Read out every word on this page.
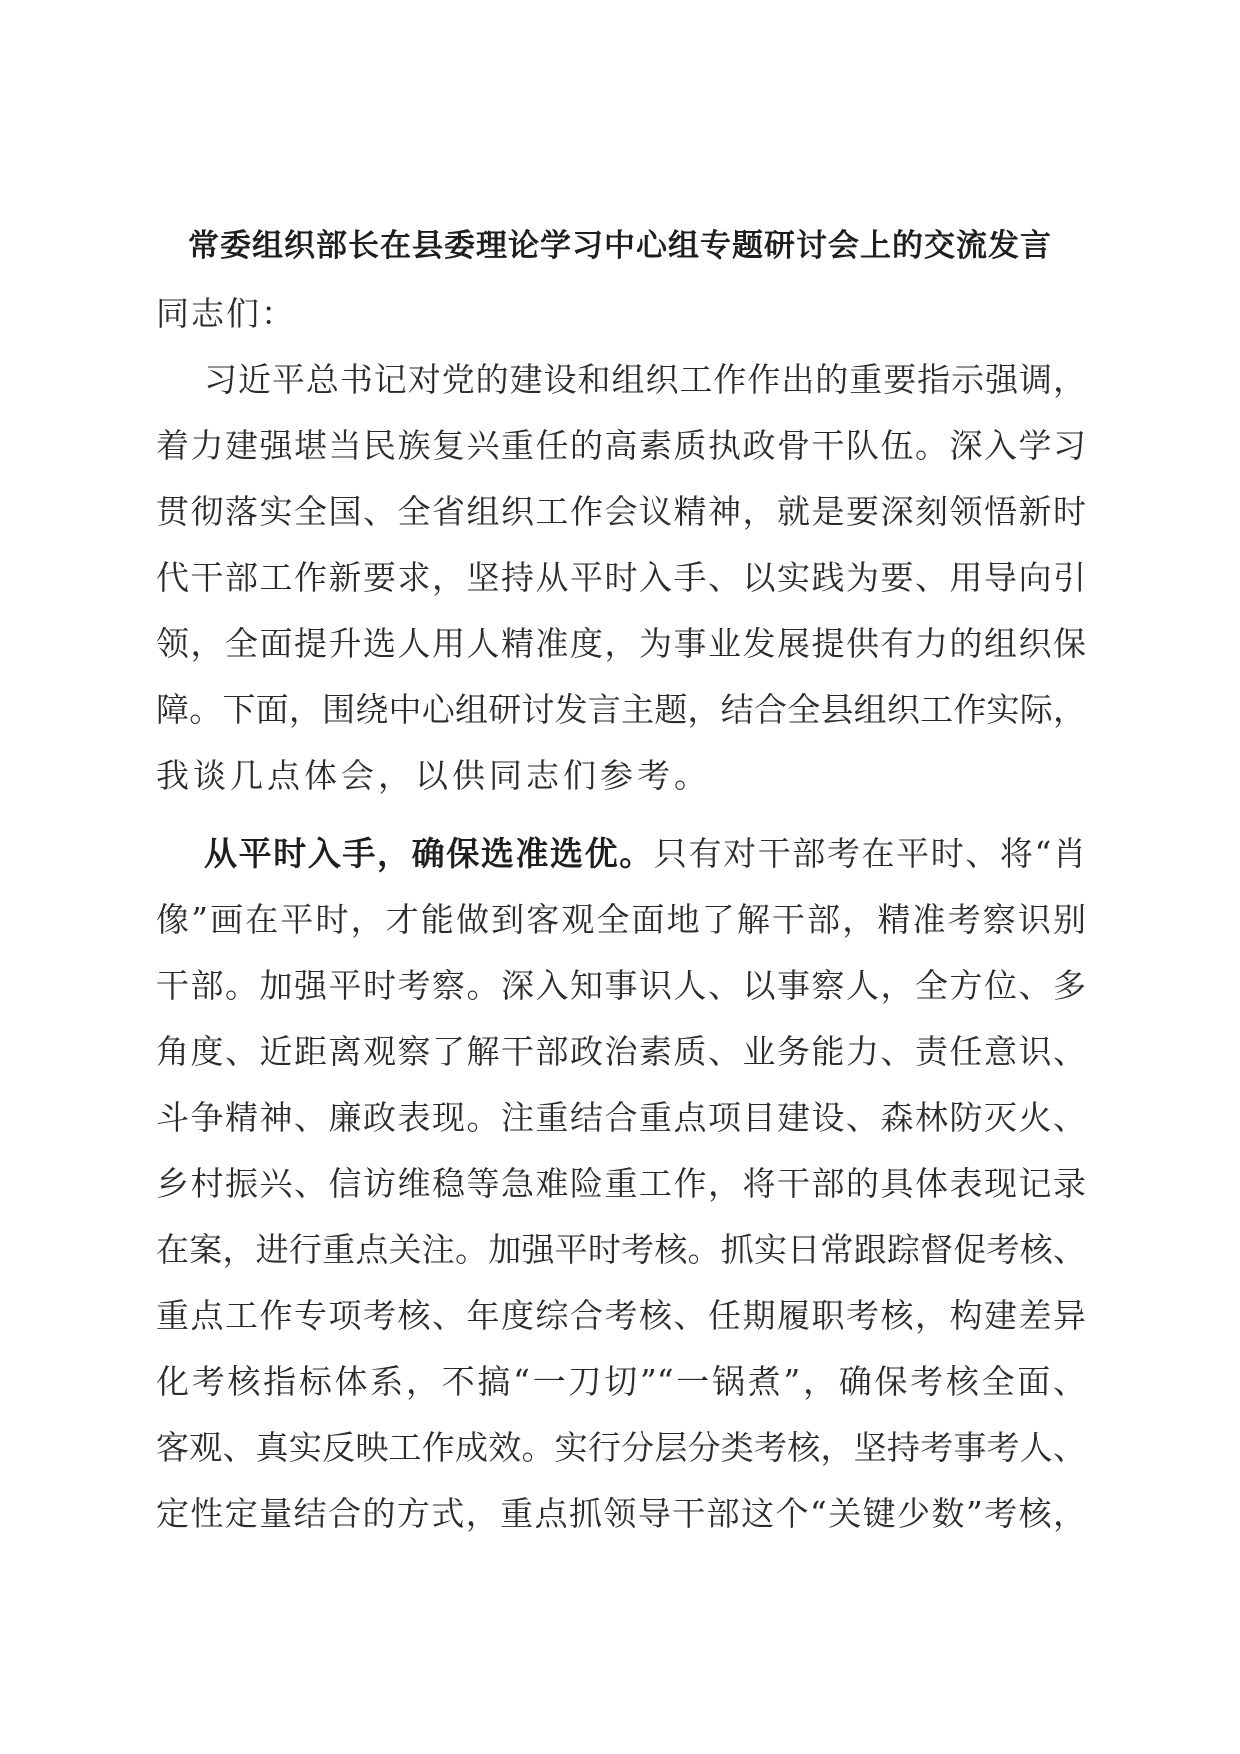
常委组织部长在县委理论学习中心组专题研讨会上的交流发言
同志们：
习近平总书记对党的建设和组织工作作出的重要指示强调，
着力建强堪当民族复兴重任的高素质执政骨干队伍。深入学习
贯彻落实全国、全省组织工作会议精神，就是要深刻领悟新时
代干部工作新要求，坚持从平时入手、以实践为要、用导向引
领，全面提升选人用人精准度，为事业发展提供有力的组织保
障。下面，围绕中心组研讨发言主题，结合全县组织工作实际，
我谈几点体会，以供同志们参考。
从平时入手，确保选准选优。只有对干部考在平时、将“肖
像”画在平时，才能做到客观全面地了解干部，精准考察识别
干部。加强平时考察。深入知事识人、以事察人，全方位、多
角度、近距离观察了解干部政治素质、业务能力、责任意识、
斗争精神、廉政表现。注重结合重点项目建设、森林防灭火、
乡村振兴、信访维稳等急难险重工作，将干部的具体表现记录
在案，进行重点关注。加强平时考核。抓实日常跟踪督促考核、
重点工作专项考核、年度综合考核、任期履职考核，构建差异
化考核指标体系，不搞“一刀切”“一锅煮”，确保考核全面、
客观、真实反映工作成效。实行分层分类考核，坚持考事考人、
定性定量结合的方式，重点抓领导干部这个“关键少数”考核，
